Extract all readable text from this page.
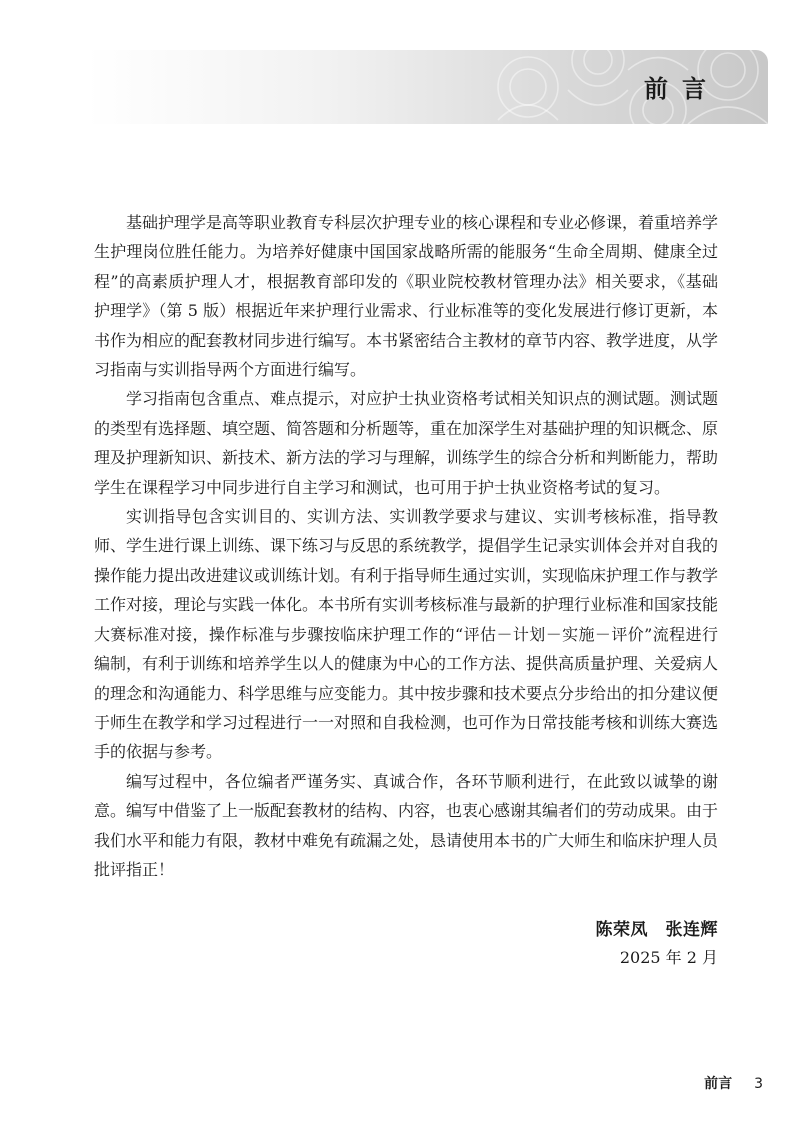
前言

基础护理学是高等职业教育专科层次护理专业的核心课程和专业必修课，着重培养学生护理岗位胜任能力。为培养好健康中国国家战略所需的能服务“生命全周期、健康全过程”的高素质护理人才，根据教育部印发的《职业院校教材管理办法》相关要求，《基础护理学》（第 5 版）根据近年来护理行业需求、行业标准等的变化发展进行修订更新，本书作为相应的配套教材同步进行编写。本书紧密结合主教材的章节内容、教学进度，从学习指南与实训指导两个方面进行编写。

学习指南包含重点、难点提示，对应护士执业资格考试相关知识点的测试题。测试题的类型有选择题、填空题、简答题和分析题等，重在加深学生对基础护理的知识概念、原理及护理新知识、新技术、新方法的学习与理解，训练学生的综合分析和判断能力，帮助学生在课程学习中同步进行自主学习和测试，也可用于护士执业资格考试的复习。

实训指导包含实训目的、实训方法、实训教学要求与建议、实训考核标准，指导教师、学生进行课上训练、课下练习与反思的系统教学，提倡学生记录实训体会并对自我的操作能力提出改进建议或训练计划。有利于指导师生通过实训，实现临床护理工作与教学工作对接，理论与实践一体化。本书所有实训考核标准与最新的护理行业标准和国家技能大赛标准对接，操作标准与步骤按临床护理工作的“评估－计划－实施－评价”流程进行编制，有利于训练和培养学生以人的健康为中心的工作方法、提供高质量护理、关爱病人的理念和沟通能力、科学思维与应变能力。其中按步骤和技术要点分步给出的扣分建议便于师生在教学和学习过程进行一一对照和自我检测，也可作为日常技能考核和训练大赛选手的依据与参考。

编写过程中，各位编者严谨务实、真诚合作，各环节顺利进行，在此致以诚挚的谢意。编写中借鉴了上一版配套教材的结构、内容，也衷心感谢其编者们的劳动成果。由于我们水平和能力有限，教材中难免有疏漏之处，恳请使用本书的广大师生和临床护理人员批评指正！

陈荣凤　张连辉
2025 年 2 月
前言 3
